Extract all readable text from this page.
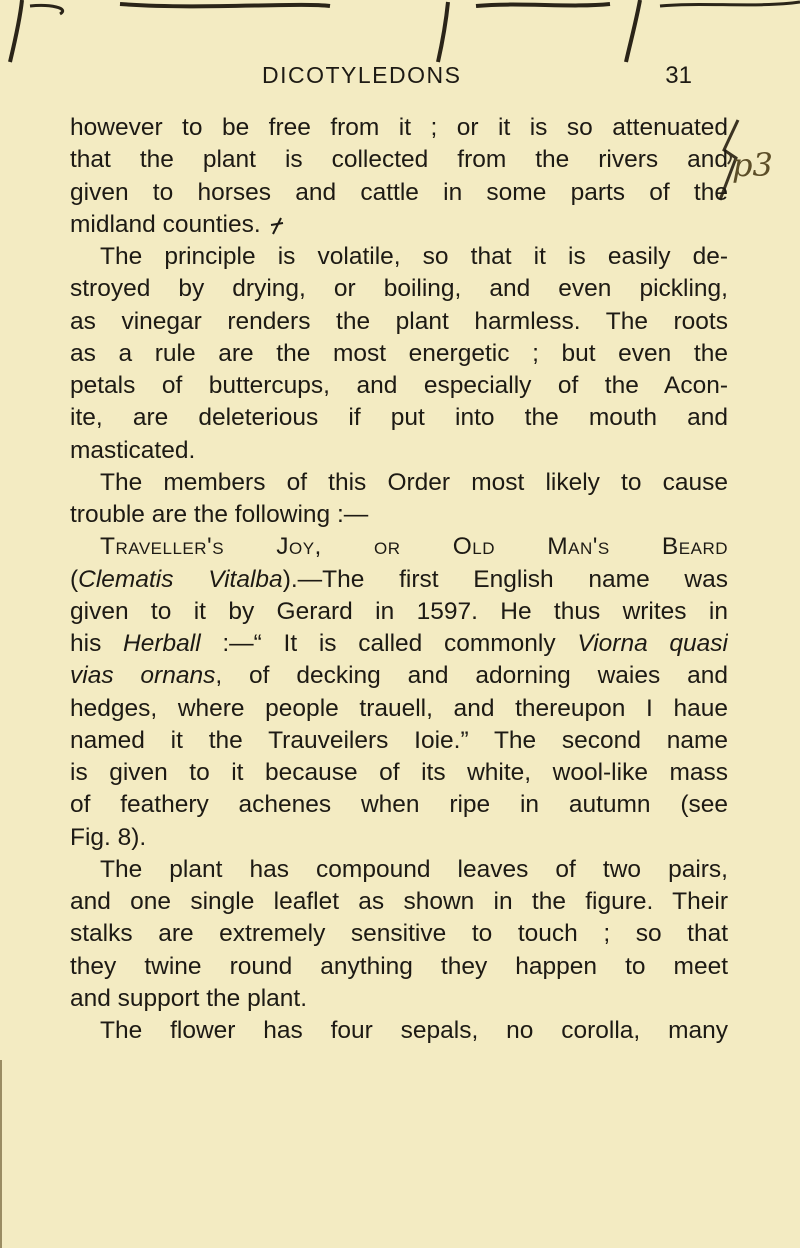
DICOTYLEDONS	31
p3
however to be free from it ; or it is so attenuated
that the plant is collected from the rivers and
given to horses and cattle in some parts of the
midland counties.
The principle is volatile, so that it is easily de-
stroyed by drying, or boiling, and even pickling,
as vinegar renders the plant harmless. The roots
as a rule are the most energetic ; but even the
petals of buttercups, and especially of the Acon-
ite, are deleterious if put into the mouth and
masticated.
The members of this Order most likely to cause
trouble are the following :—
Traveller's Joy, or Old Man's Beard
(Clematis Vitalba).—The first English name was
given to it by Gerard in 1597. He thus writes in
his Herball :—“ It is called commonly Viorna quasi
vias ornans, of decking and adorning waies and
hedges, where people trauell, and thereupon I haue
named it the Trauveilers Ioie.” The second name
is given to it because of its white, wool-like mass
of feathery achenes when ripe in autumn (see
Fig. 8).
The plant has compound leaves of two pairs,
and one single leaflet as shown in the figure. Their
stalks are extremely sensitive to touch ; so that
they twine round anything they happen to meet
and support the plant.
The flower has four sepals, no corolla, many
